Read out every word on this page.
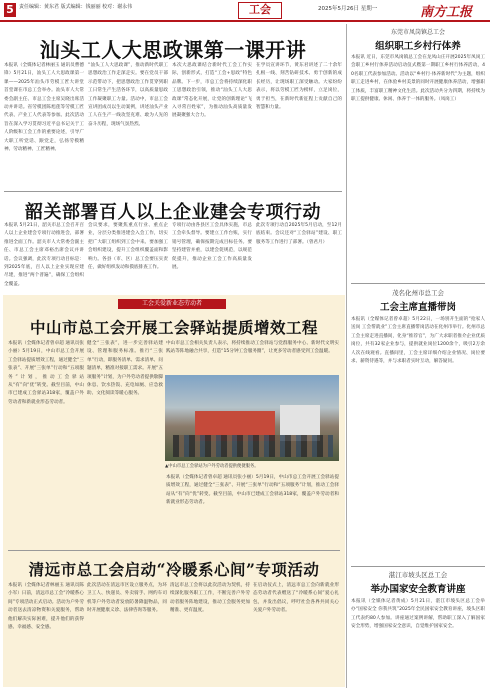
5	责任编辑：黄东君 版式编辑：钱丽丽 校对：谢永伟	工会	2025年5月26日 星期一	南方工报
汕头工人大思政课第一课开讲
本报讯（全媒体记者林丽玉 通讯员曹德锋）5月21日，汕头工人大思政课第一课——2025年汕头市劳模工匠大讲堂首堂课在市总工会举办。汕头市人大常委会副主任、市总工会主席吴晓出席活动并讲话。省劳模团陈旭莲等劳模工匠代表、产业工人代表等参加。此次活动旨在深入学习贯彻习近平总书记关于工人阶级和工会工作的重要论述，引导广大职工听党话、跟党走，弘扬劳模精神、劳动精神、工匠精神。
“汕头工人大思政课”，推动新时代职工思想政治工作走深走实。要在党员干部示范带动下，把思想政治工作贯穿到职工日常生产生活各环节，以高质量思政工作凝聚职工力量。活动中，市总工会宣讲团成员以生动案例，讲述汕头产业工人在生产一线攻坚克难、敢为人先的奋斗历程，现场气氛热烈。
本次大思政课结合新时代工会工作实际，创新形式，打造“工会+思政”特色品牌。下一步，市总工会将持续深化职工思想政治引领，推动“汕头工人大思政课”常态化开展，让党的创新理论“飞入寻常百姓家”，为推动汕头高质量发展凝聚强大合力。
在学员宣讲环节，黄东君讲述了二十余年扎根一线、刻苦钻研技术、勇于创新的成长经历，让现场职工深受触动。大家纷纷表示，将以劳模工匠为榜样，立足岗位，勇于担当，在新时代新征程上贡献自己的智慧和力量。
韶关部署百人以上企业建会专项行动
本报讯 5月21日，韶关市总工会召开百人以上企业建会专项行动推进会，部署推进全面工作。韶关市人大常委会副主任、市总工会主席邓裕出席会议并讲话。会议强调，此次专项行动目标是：到2025年底，百人以上企业实现应建尽建，推进“两个普遍”，确保工会组织全覆盖。
会议要求，要聚焦重点行业、重点企业，分层分类推进建会入会工作，切实把广大职工组织到工会中来。要加强工会组织建设，提升工会组织覆盖面和影响力。各县（市、区）总工会要压实责任，做好组织发动和摸底排查工作。
专项行动由各县区工会具体实施，市总工会牵头督导。要建立工作台账，实行销号管理，确保按期完成目标任务。要坚持建管并重，以建会促规范，以规范促提升，推动企业工会工作高质量发展。
此次专项行动自2025年5月启动，至12月底结束。会议还对“工会驿站”建设、职工服务等工作进行了部署。（曾君月）
工会关爱新业态劳动者
中山市总工会开展工会驿站提质增效工程
本报讯（全媒体记者曾卓超 通讯员张小丽）5月19日，中山市总工会开展工会驿站提质增效工程，通过健全“三张表”、开展“三张单”行动和“五项服务”计划，推动工会驿站从“有”向“优”转变。截至目前，中山市已建成工会驿站318家，覆盖户外劳动者和新就业形态劳动者。
健全“三张表”，进一步完善驿站建设、管理和服务标准。推行“三张单”行动，即服务清单、需求清单、问题清单，精准对接职工需求。开展“五项服务”计划，为户外劳动者提供歇脚休息、饮水热饭、充电如厕、应急救助、文化阅读等暖心服务。
中山市总工会相关负责人表示，将持续推动工会驿站与党群服务中心、新时代文明实践站等阵地融合共享，打造“15分钟工会服务圈”，让更多劳动者感受到工会温暖。
▲中山市总工会驿站为户外劳动者提供便捷服务。
本报讯（全媒体记者曾卓超 通讯员张小丽）5月19日，中山市总工会开展工会驿站提质增效工程，通过健全“三张表”、开展“三张单”行动和“五项服务”计划，推动工会驿站从“有”向“优”转变。截至目前，中山市已建成工会驿站318家，覆盖户外劳动者和新就业形态劳动者。
清远市总工会启动“冷暖系心间”专项活动
本报讯（全媒体记者林丽玉 通讯员陈小军）日前，清远市总工会“冷暖系心间”专项活动正式启动。活动为户外劳动者送去清凉物资和关爱服务，帮助他们解决实际困难，提升他们的获得感、幸福感、安全感。
此次活动在清远市区设立服务点，为环卫工人、快递员、外卖骑手、网约车司机等户外劳动者发放防暑降温物品，同时开展健康义诊、法律咨询等服务。
清远市总工会将以此次活动为契机，持续深化服务职工工作，不断完善户外劳动者服务阵地建设，推动工会服务更加精准、更有温度。
在启动仪式上，清远市总工会向新就业形态劳动者代表赠送了“冷暖系心间”爱心礼包，并发出倡议，呼吁社会各界共同关心关爱户外劳动者。
东莞市凤岗镇总工会
组织职工乡村行体养
本报讯 近日，东莞市凤岗镇总工会在龙凤山庄开展2025年凤岗工会职工乡村行体养活动启动仪式暨第一期职工乡村行体养活动，40名职工代表参加活动。活动以“乡村行·体养新时代”为主题，组织职工走进乡村，在体验乡村美景的同时开展健康体养活动，增强职工体质，丰富职工精神文化生活。此次活动共分为四期，将持续为职工提供健康、休闲、体养于一体的服务。（凤岗工）
茂名化州市总工会
工会主席直播带岗
本报讯（全媒体记者曾卓超）5月22日，一场别开生面的“抢家人送岗 工会帮就业”工会主席直播带岗活动在化州市举行。化州市总工会主席走进直播间，化身“推荐官”，为广大求职者推介企业优质岗位，共有32家企业参与，提供就业岗位1200余个，吸引2万余人次在线观看。直播间里，工会主席详细介绍企业情况、岗位要求、薪资待遇等，并与求职者实时互动，解答疑问。
湛江市坡头区总工会
举办国家安全教育讲座
本报讯（全媒体记者黄成）5月21日，湛江市坡头区总工会举办“国家安全 你我共筑”2025年全民国家安全教育讲座，坡头区职工代表约80人参加。讲座通过案例讲解，帮助职工深入了解国家安全形势，增强国家安全意识，自觉维护国家安全。
